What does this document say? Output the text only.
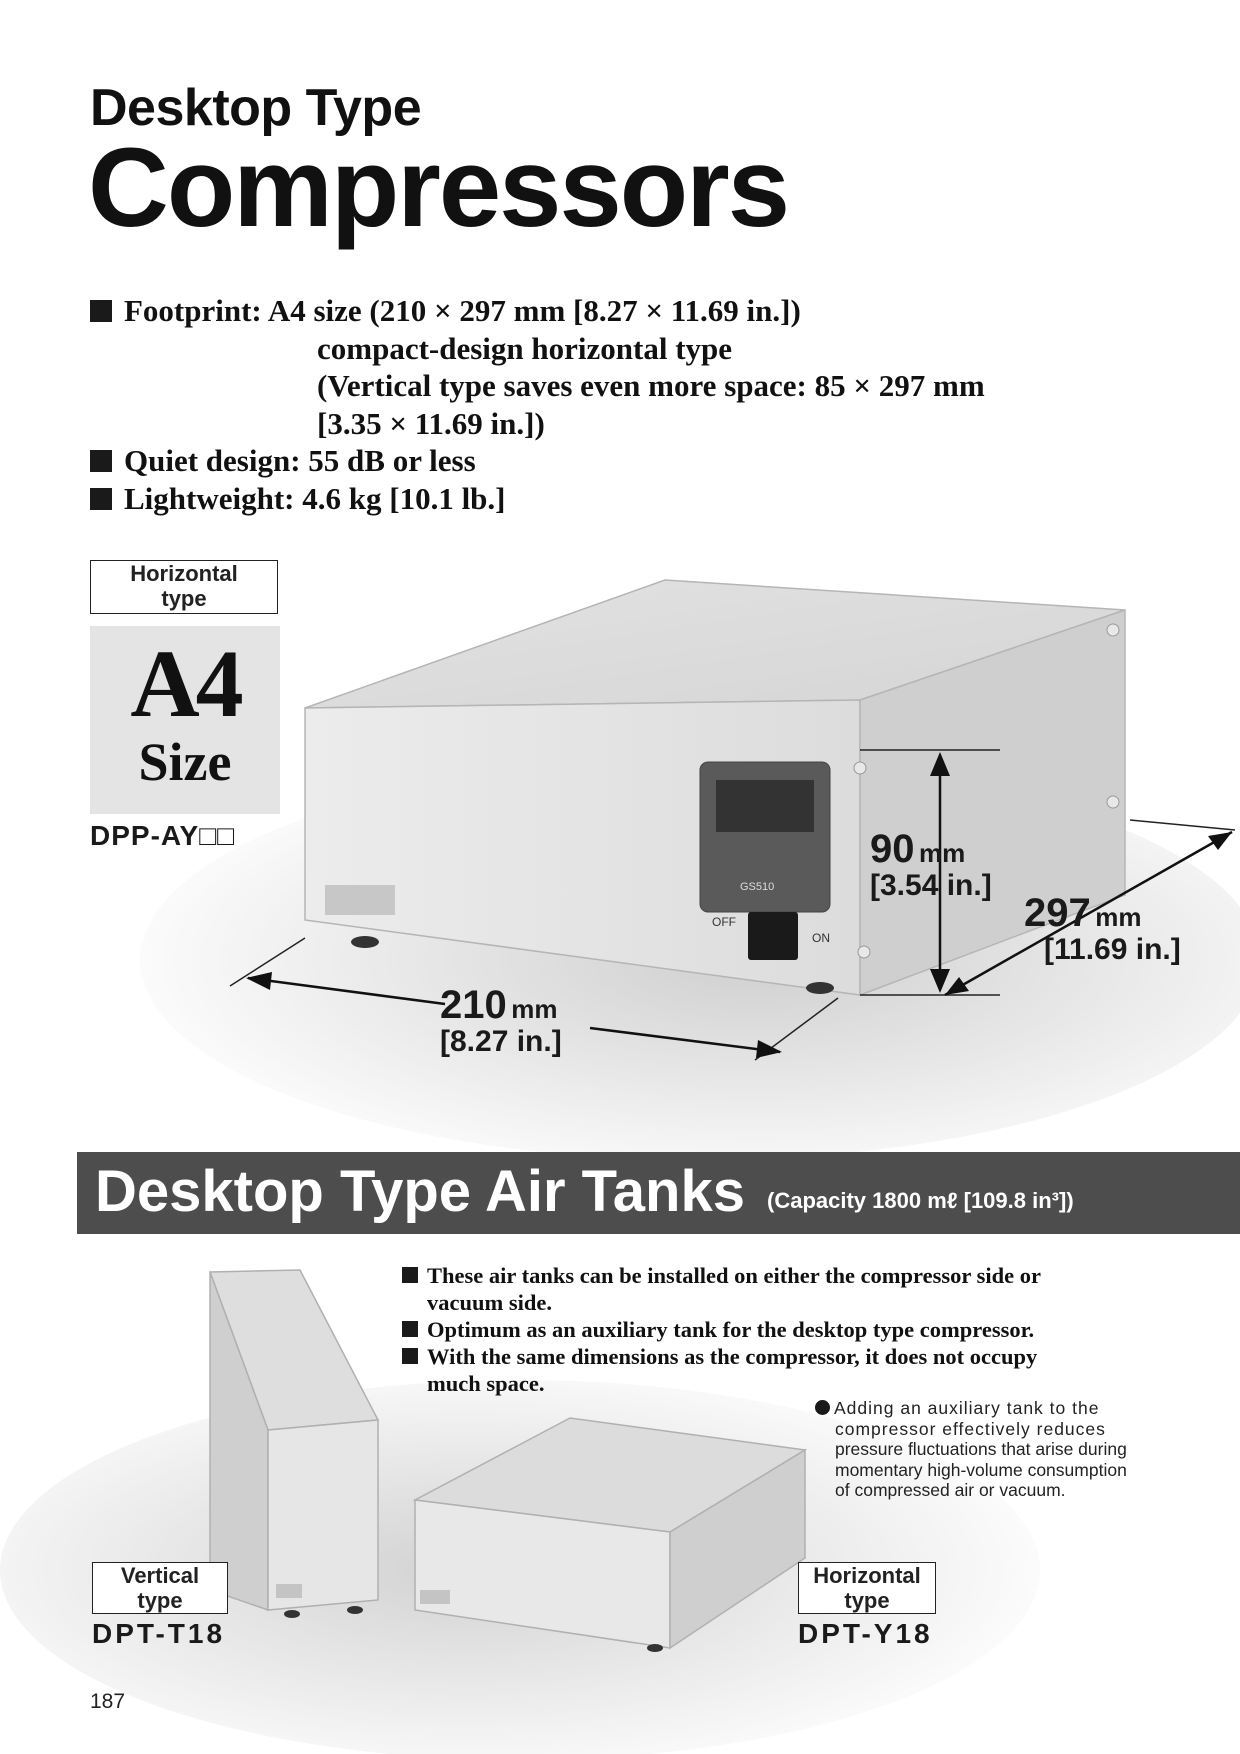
Desktop Type
Compressors
Footprint: A4 size (210 × 297 mm [8.27 × 11.69 in.])
compact-design horizontal type
(Vertical type saves even more space: 85 × 297 mm
[3.35 × 11.69 in.])
Quiet design: 55 dB or less
Lightweight: 4.6 kg [10.1 lb.]
GS510
OFF
ON
Horizontal
type
A4
Size
DPP-AY□□	90 mm
[3.54 in.]
297 mm
[11.69 in.]
210 mm
[8.27 in.]
Desktop Type Air Tanks (Capacity 1800 mℓ [109.8 in³])
These air tanks can be installed on either the compressor side or
vacuum side.
Optimum as an auxiliary tank for the desktop type compressor.
With the same dimensions as the compressor, it does not occupy
much space.
Adding an auxiliary tank to the
compressor effectively reduces
pressure fluctuations that arise during
momentary high-volume consumption
of compressed air or vacuum.
Vertical
type
DPT-T18
Horizontal
type
DPT-Y18
187
